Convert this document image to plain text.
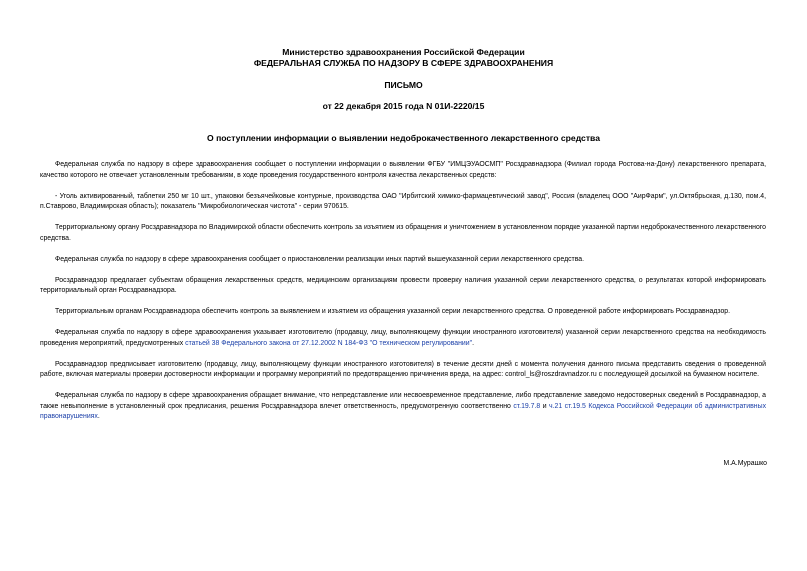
Министерство здравоохранения Российской Федерации
ФЕДЕРАЛЬНАЯ СЛУЖБА ПО НАДЗОРУ В СФЕРЕ ЗДРАВООХРАНЕНИЯ
ПИСЬМО
от 22 декабря 2015 года N 01И-2220/15
О поступлении информации о выявлении недоброкачественного лекарственного средства

Федеральная служба по надзору в сфере здравоохранения сообщает о поступлении информации о выявлении ФГБУ "ИМЦЭУАОСМП" Росздравнадзора (Филиал города Ростова-на-Дону) лекарственного препарата, качество которого не отвечает установленным требованиям, в ходе проведения государственного контроля качества лекарственных средств:

- Уголь активированный, таблетки 250 мг 10 шт., упаковки безъячейковые контурные, производства ОАО "Ирбитский химико-фармацевтический завод", Россия (владелец ООО "АирФарм", ул.Октябрьская, д.130, пом.4, п.Ставрово, Владимирская область); показатель "Микробиологическая чистота" - серии 970615.

Территориальному органу Росздравнадзора по Владимирской области обеспечить контроль за изъятием из обращения и уничтожением в установленном порядке указанной партии недоброкачественного лекарственного средства.

Федеральная служба по надзору в сфере здравоохранения сообщает о приостановлении реализации иных партий вышеуказанной серии лекарственного средства.

Росздравнадзор предлагает субъектам обращения лекарственных средств, медицинским организациям провести проверку наличия указанной серии лекарственного средства, о результатах которой информировать территориальный орган Росздравнадзора.

Территориальным органам Росздравнадзора обеспечить контроль за выявлением и изъятием из обращения указанной серии лекарственного средства. О проведенной работе информировать Росздравнадзор.

Федеральная служба по надзору в сфере здравоохранения указывает изготовителю (продавцу, лицу, выполняющему функции иностранного изготовителя) указанной серии лекарственного средства на необходимость проведения мероприятий, предусмотренных статьей 38 Федерального закона от 27.12.2002 N 184-ФЗ "О техническом регулировании".

Росздравнадзор предписывает изготовителю (продавцу, лицу, выполняющему функции иностранного изготовителя) в течение десяти дней с момента получения данного письма представить сведения о проведенной работе, включая материалы проверки достоверности информации и программу мероприятий по предотвращению причинения вреда, на адрес: control_ls@roszdravnadzor.ru с последующей досылкой на бумажном носителе.

Федеральная служба по надзору в сфере здравоохранения обращает внимание, что непредставление или несвоевременное представление, либо представление заведомо недостоверных сведений в Росздравнадзор, а также невыполнение в установленный срок предписания, решения Росздравнадзора влечет ответственность, предусмотренную соответственно ст.19.7.8 и ч.21 ст.19.5 Кодекса Российской Федерации об административных правонарушениях.

М.А.Мурашко
